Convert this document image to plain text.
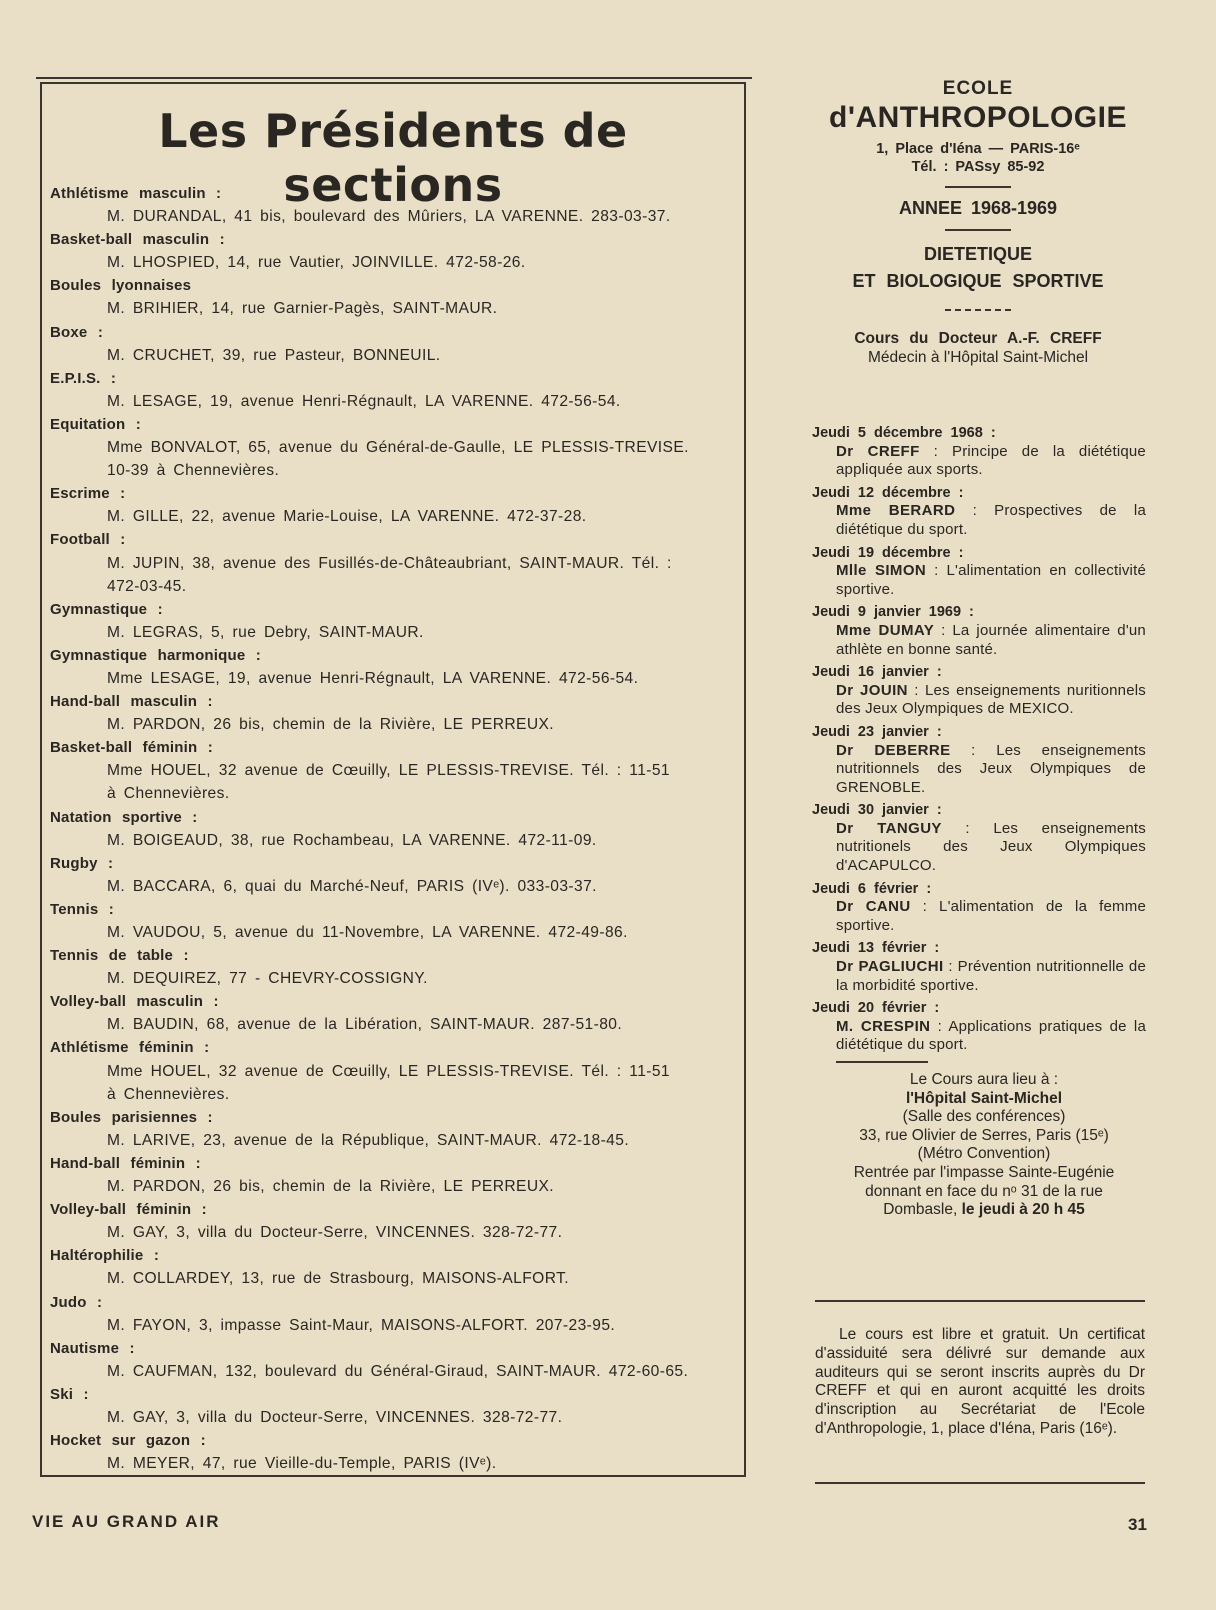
Les Présidents de sections
Athlétisme masculin :
M. DURANDAL, 41 bis, boulevard des Mûriers, LA VARENNE. 283-03-37.
Basket-ball masculin :
M. LHOSPIED, 14, rue Vautier, JOINVILLE. 472-58-26.
Boules lyonnaises
M. BRIHIER, 14, rue Garnier-Pagès, SAINT-MAUR.
Boxe :
M. CRUCHET, 39, rue Pasteur, BONNEUIL.
E.P.I.S. :
M. LESAGE, 19, avenue Henri-Régnault, LA VARENNE. 472-56-54.
Equitation :
Mme BONVALOT, 65, avenue du Général-de-Gaulle, LE PLESSIS-TREVISE.
10-39 à Chennevières.
Escrime :
M. GILLE, 22, avenue Marie-Louise, LA VARENNE. 472-37-28.
Football :
M. JUPIN, 38, avenue des Fusillés-de-Châteaubriant, SAINT-MAUR. Tél. :
472-03-45.
Gymnastique :
M. LEGRAS, 5, rue Debry, SAINT-MAUR.
Gymnastique harmonique :
Mme LESAGE, 19, avenue Henri-Régnault, LA VARENNE. 472-56-54.
Hand-ball masculin :
M. PARDON, 26 bis, chemin de la Rivière, LE PERREUX.
Basket-ball féminin :
Mme HOUEL, 32 avenue de Cœuilly, LE PLESSIS-TREVISE. Tél. : 11-51
à Chennevières.
Natation sportive :
M. BOIGEAUD, 38, rue Rochambeau, LA VARENNE. 472-11-09.
Rugby :
M. BACCARA, 6, quai du Marché-Neuf, PARIS (IVᵉ). 033-03-37.
Tennis :
M. VAUDOU, 5, avenue du 11-Novembre, LA VARENNE. 472-49-86.
Tennis de table :
M. DEQUIREZ, 77 - CHEVRY-COSSIGNY.
Volley-ball masculin :
M. BAUDIN, 68, avenue de la Libération, SAINT-MAUR. 287-51-80.
Athlétisme féminin :
Mme HOUEL, 32 avenue de Cœuilly, LE PLESSIS-TREVISE. Tél. : 11-51
à Chennevières.
Boules parisiennes :
M. LARIVE, 23, avenue de la République, SAINT-MAUR. 472-18-45.
Hand-ball féminin :
M. PARDON, 26 bis, chemin de la Rivière, LE PERREUX.
Volley-ball féminin :
M. GAY, 3, villa du Docteur-Serre, VINCENNES. 328-72-77.
Haltérophilie :
M. COLLARDEY, 13, rue de Strasbourg, MAISONS-ALFORT.
Judo :
M. FAYON, 3, impasse Saint-Maur, MAISONS-ALFORT. 207-23-95.
Nautisme :
M. CAUFMAN, 132, boulevard du Général-Giraud, SAINT-MAUR. 472-60-65.
Ski :
M. GAY, 3, villa du Docteur-Serre, VINCENNES. 328-72-77.
Hocket sur gazon :
M. MEYER, 47, rue Vieille-du-Temple, PARIS (IVᵉ).
ECOLE
d'ANTHROPOLOGIE
1, Place d'Iéna — PARIS-16ᵉ
Tél. : PASsy 85-92
ANNEE 1968-1969
DIETETIQUE
ET BIOLOGIQUE SPORTIVE
Cours du Docteur A.-F. CREFF
Médecin à l'Hôpital Saint-Michel
Jeudi 5 décembre 1968 :
Dr CREFF : Principe de la diététique appliquée aux sports.
Jeudi 12 décembre :
Mme BERARD : Prospectives de la diététique du sport.
Jeudi 19 décembre :
Mlle SIMON : L'alimentation en collectivité sportive.
Jeudi 9 janvier 1969 :
Mme DUMAY : La journée alimentaire d'un athlète en bonne santé.
Jeudi 16 janvier :
Dr JOUIN : Les enseignements nuritionnels des Jeux Olympiques de MEXICO.
Jeudi 23 janvier :
Dr DEBERRE : Les enseignements nutritionnels des Jeux Olympiques de GRENOBLE.
Jeudi 30 janvier :
Dr TANGUY : Les enseignements nutritionels des Jeux Olympiques d'ACAPULCO.
Jeudi 6 février :
Dr CANU : L'alimentation de la femme sportive.
Jeudi 13 février :
Dr PAGLIUCHI : Prévention nutritionnelle de la morbidité sportive.
Jeudi 20 février :
M. CRESPIN : Applications pratiques de la diététique du sport.
Le Cours aura lieu à :
l'Hôpital Saint-Michel
(Salle des conférences)
33, rue Olivier de Serres, Paris (15ᵉ)
(Métro Convention)
Rentrée par l'impasse Sainte-Eugénie
donnant en face du nᵒ 31 de la rue
Dombasle, le jeudi à 20 h 45
Le cours est libre et gratuit. Un certificat d'assiduité sera délivré sur demande aux auditeurs qui se seront inscrits auprès du Dr CREFF et qui en auront acquitté les droits d'inscription au Secrétariat de l'Ecole d'Anthropologie, 1, place d'Iéna, Paris (16ᵉ).
VIE AU GRAND AIR	31
